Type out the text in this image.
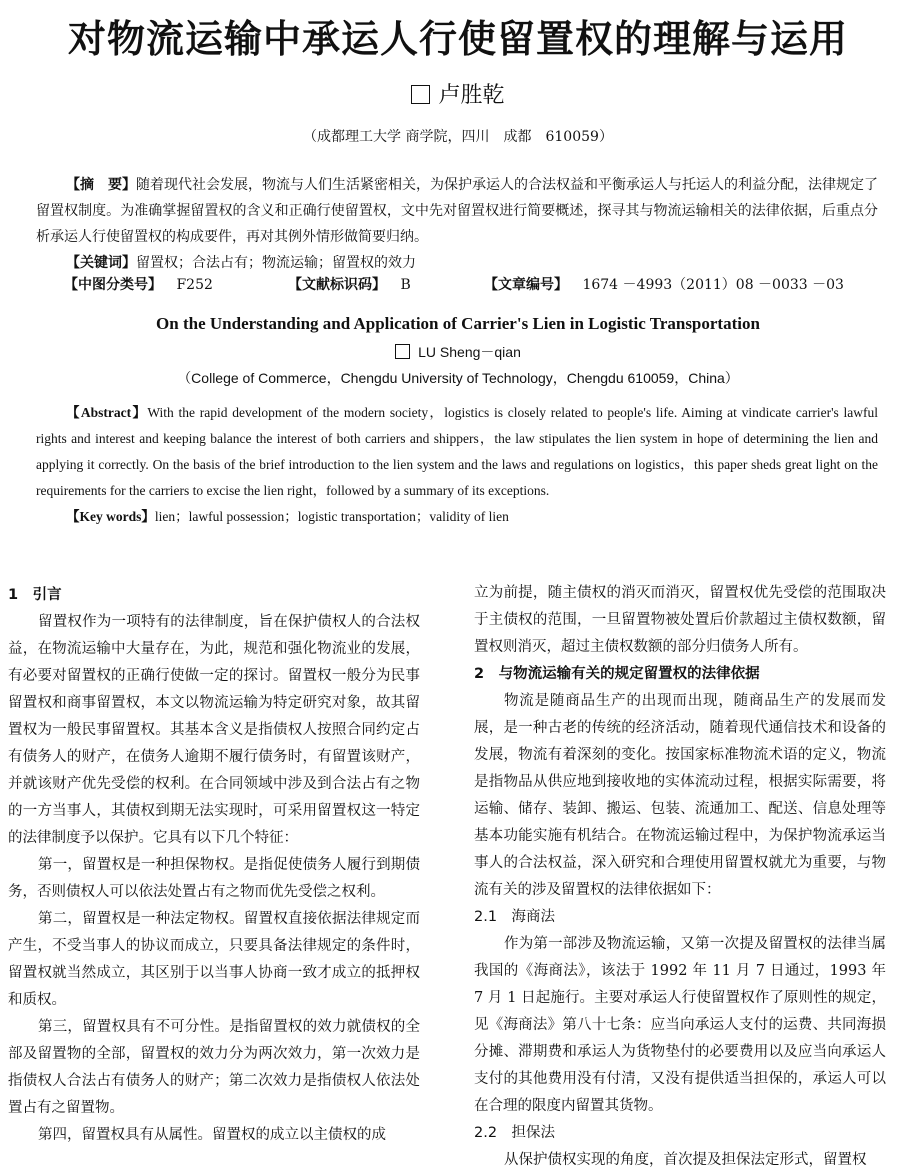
对物流运输中承运人行使留置权的理解与运用
卢胜乾
（成都理工大学 商学院，四川　成都　610059）

【摘　要】随着现代社会发展，物流与人们生活紧密相关，为保护承运人的合法权益和平衡承运人与托运人的利益分配，法律规定了留置权制度。为准确掌握留置权的含义和正确行使留置权，文中先对留置权进行简要概述，探寻其与物流运输相关的法律依据，后重点分析承运人行使留置权的构成要件，再对其例外情形做简要归纳。

【关键词】留置权；合法占有；物流运输；留置权的效力

【中图分类号】 F252	【文献标识码】 B	【文章编号】 1674 －4993（2011）08 －0033 －03
On the Understanding and Application of Carrier's Lien in Logistic Transportation
LU Sheng－qian
（College of Commerce，Chengdu University of Technology，Chengdu 610059，China）

【Abstract】With the rapid development of the modern society，logistics is closely related to people's life. Aiming at vindicate carrier's lawful rights and interest and keeping balance the interest of both carriers and shippers，the law stipulates the lien system in hope of determining the lien and applying it correctly. On the basis of the brief introduction to the lien system and the laws and regulations on logistics，this paper sheds great light on the requirements for the carriers to excise the lien right，followed by a summary of its exceptions.

【Key words】lien；lawful possession；logistic transportation；validity of lien

1　引言

留置权作为一项特有的法律制度，旨在保护债权人的合法权益，在物流运输中大量存在，为此，规范和强化物流业的发展，有必要对留置权的正确行使做一定的探讨。留置权一般分为民事留置权和商事留置权，本文以物流运输为特定研究对象，故其留置权为一般民事留置权。其基本含义是指债权人按照合同约定占有债务人的财产，在债务人逾期不履行债务时，有留置该财产，并就该财产优先受偿的权利。在合同领域中涉及到合法占有之物的一方当事人，其债权到期无法实现时，可采用留置权这一特定的法律制度予以保护。它具有以下几个特征：

第一，留置权是一种担保物权。是指促使债务人履行到期债务，否则债权人可以依法处置占有之物而优先受偿之权利。

第二，留置权是一种法定物权。留置权直接依据法律规定而产生，不受当事人的协议而成立，只要具备法律规定的条件时，留置权就当然成立，其区别于以当事人协商一致才成立的抵押权和质权。

第三，留置权具有不可分性。是指留置权的效力就债权的全部及留置物的全部，留置权的效力分为两次效力，第一次效力是指债权人合法占有债务人的财产；第二次效力是指债权人依法处置占有之留置物。

第四，留置权具有从属性。留置权的成立以主债权的成

立为前提，随主债权的消灭而消灭，留置权优先受偿的范围取决于主债权的范围，一旦留置物被处置后价款超过主债权数额，留置权则消灭，超过主债权数额的部分归债务人所有。

2　与物流运输有关的规定留置权的法律依据

物流是随商品生产的出现而出现，随商品生产的发展而发展，是一种古老的传统的经济活动，随着现代通信技术和设备的发展，物流有着深刻的变化。按国家标准物流术语的定义，物流是指物品从供应地到接收地的实体流动过程，根据实际需要，将运输、储存、装卸、搬运、包装、流通加工、配送、信息处理等基本功能实施有机结合。在物流运输过程中，为保护物流承运当事人的合法权益，深入研究和合理使用留置权就尤为重要，与物流有关的涉及留置权的法律依据如下：

2.1　海商法

作为第一部涉及物流运输，又第一次提及留置权的法律当属我国的《海商法》，该法于 1992 年 11 月 7 日通过，1993 年 7 月 1 日起施行。主要对承运人行使留置权作了原则性的规定，见《海商法》第八十七条：应当向承运人支付的运费、共同海损分摊、滞期费和承运人为货物垫付的必要费用以及应当向承运人支付的其他费用没有付清，又没有提供适当担保的，承运人可以在合理的限度内留置其货物。

2.2　担保法

从保护债权实现的角度，首次提及担保法定形式，留置权
